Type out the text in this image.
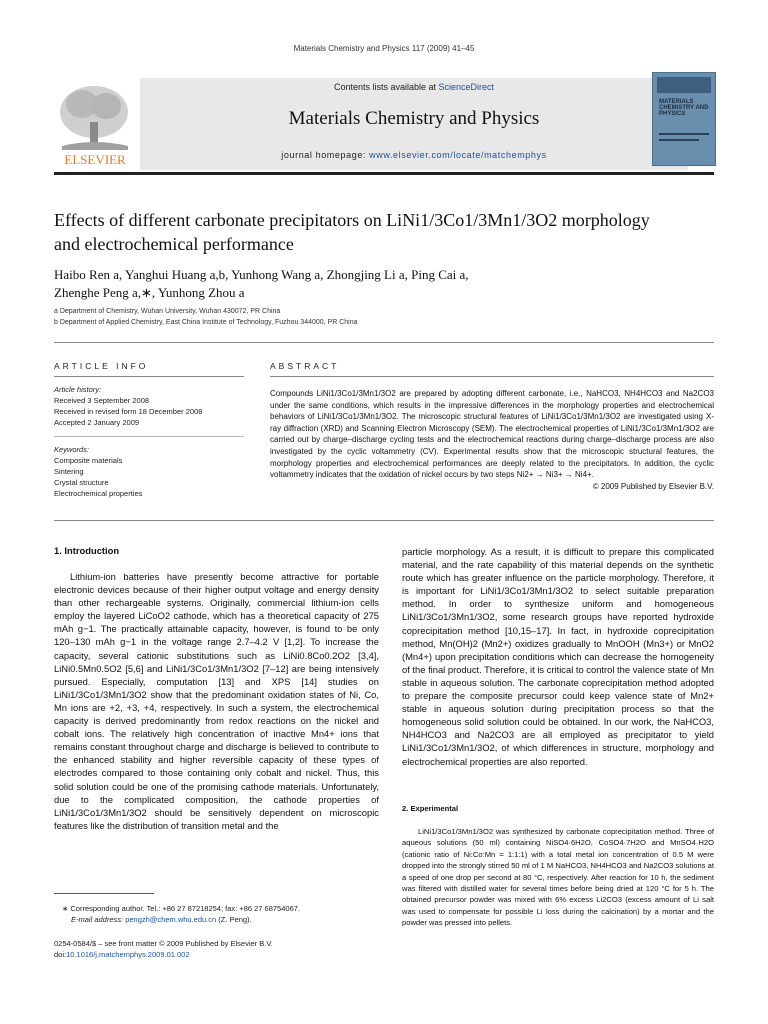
Materials Chemistry and Physics 117 (2009) 41–45
ELSEVIER
Contents lists available at ScienceDirect
Materials Chemistry and Physics
journal homepage: www.elsevier.com/locate/matchemphys
MATERIALS CHEMISTRY AND PHYSICS
Effects of different carbonate precipitators on LiNi1/3Co1/3Mn1/3O2 morphology
and electrochemical performance
Haibo Ren a, Yanghui Huang a,b, Yunhong Wang a, Zhongjing Li a, Ping Cai a,
Zhenghe Peng a,∗, Yunhong Zhou a
a Department of Chemistry, Wuhan University, Wuhan 430072, PR China
b Department of Applied Chemistry, East China Institute of Technology, Fuzhou 344000, PR China
ARTICLE INFO
Article history:
Received 3 September 2008
Received in revised form 18 December 2008
Accepted 2 January 2009
Keywords:
Composite materials
Sintering
Crystal structure
Electrochemical properties
ABSTRACT
Compounds LiNi1/3Co1/3Mn1/3O2 are prepared by adopting different carbonate, i.e., NaHCO3, NH4HCO3 and Na2CO3 under the same conditions, which results in the impressive differences in the morphology properties and electrochemical behaviors of LiNi1/3Co1/3Mn1/3O2. The microscopic structural features of LiNi1/3Co1/3Mn1/3O2 are investigated using X-ray diffraction (XRD) and Scanning Electron Microscopy (SEM). The electrochemical properties of LiNi1/3Co1/3Mn1/3O2 are carried out by charge–discharge cycling tests and the electrochemical reactions during charge–discharge process are also investigated by the cyclic voltammetry (CV). Experimental results show that the microscopic structural features, the morphology properties and electrochemical performances are deeply related to the precipitators. In addition, the cyclic voltammetry indicates that the oxidation of nickel occurs by two steps Ni2+ → Ni3+ → Ni4+.
© 2009 Published by Elsevier B.V.
1. Introduction
Lithium-ion batteries have presently become attractive for portable electronic devices because of their higher output voltage and energy density than other rechargeable systems. Originally, commercial lithium-ion cells employ the layered LiCoO2 cathode, which has a theoretical capacity of 275 mAh g−1. The practically attainable capacity, however, is found to be only 120–130 mAh g−1 in the voltage range 2.7–4.2 V [1,2]. To increase the capacity, several cationic substitutions such as LiNi0.8Co0.2O2 [3,4], LiNi0.5Mn0.5O2 [5,6] and LiNi1/3Co1/3Mn1/3O2 [7–12] are being intensively pursued. Especially, computation [13] and XPS [14] studies on LiNi1/3Co1/3Mn1/3O2 show that the predominant oxidation states of Ni, Co, Mn ions are +2, +3, +4, respectively. In such a system, the electrochemical capacity is derived predominantly from redox reactions on the nickel and cobalt ions. The relatively high concentration of inactive Mn4+ ions that remains constant throughout charge and discharge is believed to contribute to the enhanced stability and higher reversible capacity of these types of electrodes compared to those containing only cobalt and nickel. Thus, this solid solution could be one of the promising cathode materials. Unfortunately, due to the complicated composition, the cathode properties of LiNi1/3Co1/3Mn1/3O2 should be sensitively dependent on microscopic features like the distribution of transition metal and the
particle morphology. As a result, it is difficult to prepare this complicated material, and the rate capability of this material depends on the synthetic route which has greater influence on the particle morphology. Therefore, it is important for LiNi1/3Co1/3Mn1/3O2 to select suitable preparation method. In order to synthesize uniform and homogeneous LiNi1/3Co1/3Mn1/3O2, some research groups have reported hydroxide coprecipitation method [10,15–17]. In fact, in hydroxide coprecipitation method, Mn(OH)2 (Mn2+) oxidizes gradually to MnOOH (Mn3+) or MnO2 (Mn4+) upon precipitation conditions which can decrease the homogeneity of the final product. Therefore, it is critical to control the valence state of Mn stable in aqueous solution. The carbonate coprecipitation method adopted to prepare the composite precursor could keep valence state of Mn2+ stable in aqueous solution during precipitation process so that the homogeneous solid solution could be obtained. In our work, the NaHCO3, NH4HCO3 and Na2CO3 are all employed as precipitator to yield LiNi1/3Co1/3Mn1/3O2, of which differences in structure, morphology and electrochemical properties are also reported.
2. Experimental
LiNi1/3Co1/3Mn1/3O2 was synthesized by carbonate coprecipitation method. Three of aqueous solutions (50 ml) containing NiSO4·6H2O, CoSO4·7H2O and MnSO4·H2O (cationic ratio of Ni:Co:Mn = 1:1:1) with a total metal ion concentration of 0.5 M were dropped into the strongly stirred 50 ml of 1 M NaHCO3, NH4HCO3 and Na2CO3 solutions at a speed of one drop per second at 80 °C, respectively. After reaction for 10 h, the sediment was filtered with distilled water for several times before being dried at 120 °C for 5 h. The obtained precursor powder was mixed with 6% excess Li2CO3 (excess amount of Li salt was used to compensate for possible Li loss during the calcination) by a mortar and the powder was pressed into pellets.
∗ Corresponding author. Tel.: +86 27 87218254; fax: +86 27 68754067.
E-mail address: pengzh@chem.whu.edu.cn (Z. Peng).
0254-0584/$ – see front matter © 2009 Published by Elsevier B.V.
doi:10.1016/j.matchemphys.2009.01.002
